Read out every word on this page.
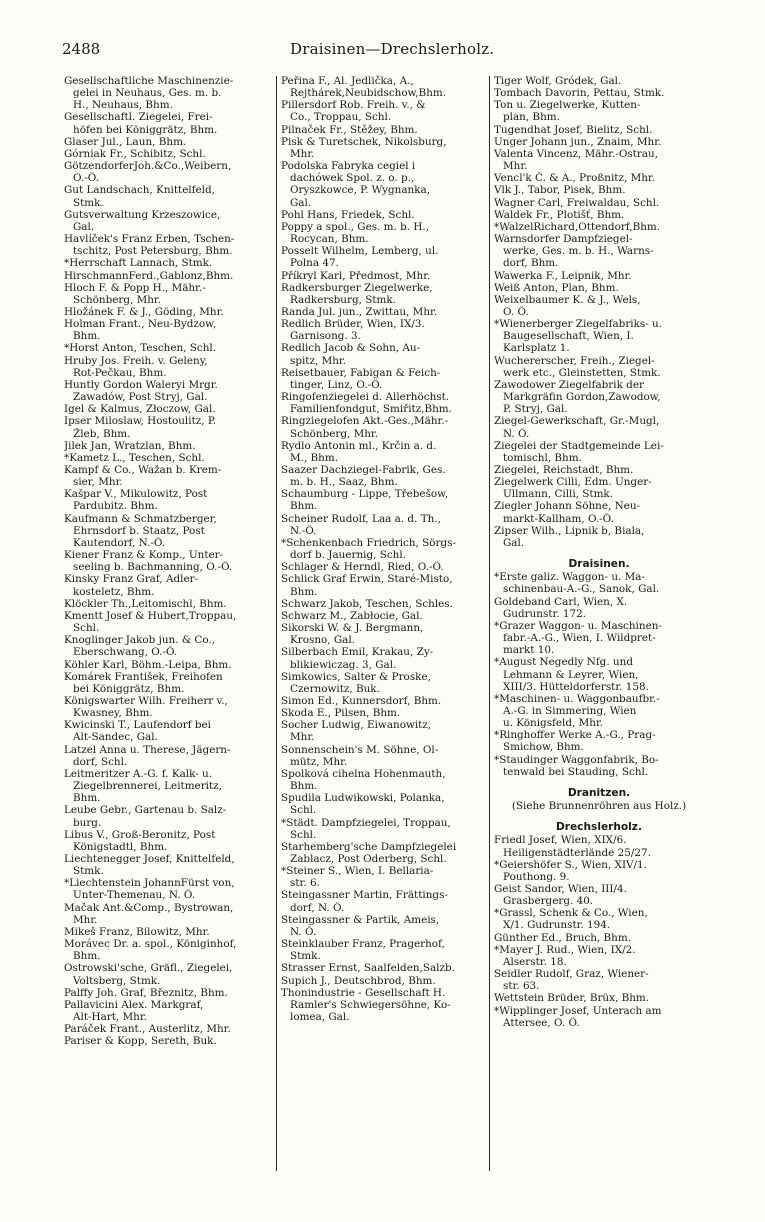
2488	Draisinen—Drechslerholz.
Gesellschaftliche Maschinenzie-
gelei in Neuhaus, Ges. m. b.
H., Neuhaus, Bhm.
Gesellschaftl. Ziegelei, Frei-
höfen bei Königgrätz, Bhm.
Glaser Jul., Laun, Bhm.
Górniak Fr., Schibitz, Schl.
GötzendorferJoh.&Co.,Weibern,
O.-Ö.
Gut Landschach, Knittelfeld,
Stmk.
Gutsverwaltung Krzeszowice,
Gal.
Havlíček's Franz Erben, Tschen-
tschitz, Post Petersburg, Bhm.
*Herrschaft Lannach, Stmk.
HirschmannFerd.,Gablonz,Bhm.
Hloch F. & Popp H., Mähr.-
Schönberg, Mhr.
Hložánek F. & J., Göding, Mhr.
Holman Frant., Neu-Bydzow,
Bhm.
*Horst Anton, Teschen, Schl.
Hruby Jos. Freih. v. Geleny,
Rot-Pečkau, Bhm.
Huntly Gordon Waleryi Mrgr.
Zawadów, Post Stryj, Gal.
Igel & Kalmus, Złoczow, Gal.
Ipser Miloslaw, Hostoulitz, P.
Žleb, Bhm.
Jilek Jan, Wratzlan, Bhm.
*Kametz L., Teschen, Schl.
Kampf & Co., Wažan b. Krem-
sier, Mhr.
Kašpar V., Mikulowitz, Post
Pardubitz. Bhm.
Kaufmann & Schmatzberger,
Ehrnsdorf b. Staatz, Post
Kautendorf, N.-Ö.
Kiener Franz & Komp., Unter-
seeling b. Bachmanning, O.-Ö.
Kinsky Franz Graf, Adler-
kosteletz, Bhm.
Klöckler Th.,Leitomischl, Bhm.
Kmentt Josef & Hubert,Troppau,
Schl.
Knoglinger Jakob jun. & Co.,
Eberschwang, O.-Ö.
Köhler Karl, Böhm.-Leipa, Bhm.
Komárek František, Freihofen
bei Königgrätz, Bhm.
Königswarter Wilh. Freiherr v.,
Kwasney, Bhm.
Kwicinski T., Laufendorf bei
Alt-Sandec, Gal.
Latzel Anna u. Therese, Jägern-
dorf, Schl.
Leitmeritzer A.-G. f. Kalk- u.
Ziegelbrennerei, Leitmeritz,
Bhm.
Leube Gebr., Gartenau b. Salz-
burg.
Libus V., Groß-Beronitz, Post
Königstadtl, Bhm.
Liechtenegger Josef, Knittelfeld,
Stmk.
*Liechtenstein JohannFürst von,
Unter-Themenau, N. Ö.
Mačak Ant.&Comp., Bystrowan,
Mhr.
Mikeš Franz, Bilowitz, Mhr.
Morávec Dr. a. spol., Königinhof,
Bhm.
Ostrowski'sche, Gräfl., Ziegelei,
Voltsberg, Stmk.
Palffy Joh. Graf, Březnitz, Bhm.
Pallavicini Alex. Markgraf,
Alt-Hart, Mhr.
Paráček Frant., Austerlitz, Mhr.
Pariser & Kopp, Sereth, Buk.
Peřina F., Al. Jedlička, A.,
Rejthárek,Neubidschow,Bhm.
Pillersdorf Rob. Freih. v., &
Co., Troppau, Schl.
Pilnaček Fr., Stěžey, Bhm.
Pisk & Turetschek, Nikolsburg,
Mhr.
Podolska Fabryka cegiel i
dachówek Spol. z. o. p.,
Oryszkowce, P. Wygnanka,
Gal.
Pohl Hans, Friedek, Schl.
Poppy a spol., Ges. m. b. H.,
Rocycan, Bhm.
Posselt Wilhelm, Lemberg, ul.
Polna 47.
Příkryl Karl, Předmost, Mhr.
Radkersburger Ziegelwerke,
Radkersburg, Stmk.
Randa Jul. jun., Zwittau, Mhr.
Redlich Brüder, Wien, IX/3.
Garnisong. 3.
Redlich Jacob & Sohn, Au-
spitz, Mhr.
Reisetbauer, Fabigan & Feich-
tinger, Linz, O.-Ö.
Ringofenziegelei d. Allerhöchst.
Familienfondgut, Smiřitz,Bhm.
Ringziegelofen Akt.-Ges.,Mähr.-
Schönberg, Mhr.
Rydlo Antonin ml., Krčin a. d.
M., Bhm.
Saazer Dachziegel-Fabrik, Ges.
m. b. H., Saaz, Bhm.
Schaumburg - Lippe, Třebešow,
Bhm.
Scheiner Rudolf, Laa a. d. Th.,
N.-Ö.
*Schenkenbach Friedrich, Sörgs-
dorf b. Jauernig, Schl.
Schlager & Herndl, Ried, O.-Ö.
Schlick Graf Erwin, Staré-Misto,
Bhm.
Schwarz Jakob, Teschen, Schles.
Schwarz M., Zabłocie, Gal.
Sikorski W. & J. Bergmann,
Krosno, Gal.
Silberbach Emil, Krakau, Zy-
blikiewiczag. 3, Gal.
Simkowics, Salter & Proske,
Czernowitz, Buk.
Simon Ed., Kunnersdorf, Bhm.
Skoda E., Pilsen, Bhm.
Socher Ludwig, Eiwanowitz,
Mhr.
Sonnenschein's M. Söhne, Ol-
mütz, Mhr.
Spolková cihelna Hohenmauth,
Bhm.
Spudila Ludwikowski, Polanka,
Schl.
*Städt. Dampfziegelei, Troppau,
Schl.
Starhemberg'sche Dampfziegelei
Zablacz, Post Oderberg, Schl.
*Steiner S., Wien, I. Bellaria-
str. 6.
Steingassner Martin, Frättings-
dorf, N. Ö.
Steingassner & Partik, Ameis,
N. Ö.
Steinklauber Franz, Pragerhof,
Stmk.
Strasser Ernst, Saalfelden,Salzb.
Supich J., Deutschbrod, Bhm.
Thonindustrie - Gesellschaft H.
Ramler's Schwiegersöhne, Ko-
lomea, Gal.
Tiger Wolf, Gródek, Gal.
Tombach Davorin, Pettau, Stmk.
Ton u. Ziegelwerke, Kutten-
plan, Bhm.
Tugendhat Josef, Bielitz, Schl.
Unger Johann jun., Znaim, Mhr.
Valenta Vincenz, Mähr.-Ostrau,
Mhr.
Vencl'k Č. & A., Proßnitz, Mhr.
Vlk J., Tabor, Pisek, Bhm.
Wagner Carl, Freiwaldau, Schl.
Waldek Fr., Plotišť, Bhm.
*WalzelRichard,Ottendorf,Bhm.
Warnsdorfer Dampfziegel-
werke, Ges. m. b. H., Warns-
dorf, Bhm.
Wawerka F., Leipnik, Mhr.
Weiß Anton, Plan, Bhm.
Weixelbaumer K. & J., Wels,
O. Ö.
*Wienerberger Ziegelfabriks- u.
Baugesellschaft, Wien, I.
Karlsplatz 1.
Wuchererscher, Freih., Ziegel-
werk etc., Gleinstetten, Stmk.
Zawodower Ziegelfabrik der
Markgräfin Gordon,Zawodow,
P. Stryj, Gal.
Ziegel-Gewerkschaft, Gr.-Mugl,
N. Ö.
Ziegelei der Stadtgemeinde Lei-
tomischl, Bhm.
Ziegelei, Reichstadt, Bhm.
Ziegelwerk Cilli, Edm. Unger-
Ullmann, Cilli, Stmk.
Ziegler Johann Söhne, Neu-
markt-Kallham, O.-Ö.
Zipser Wilh., Lipnik b, Biala,
Gal.
Draisinen.
*Erste galiz. Waggon- u. Ma-
schinenbau-A.-G., Sanok, Gal.
Goldeband Carl, Wien, X.
Gudrunstr. 172.
*Grazer Waggon- u. Maschinen-
fabr.-A.-G., Wien, I. Wildpret-
markt 10.
*August Negedly Nfg. und
Lehmann & Leyrer, Wien,
XIII/3. Hütteldorferstr. 158.
*Maschinen- u. Waggonbaufbr.-
A.-G. in Simmering, Wien
u. Königsfeld, Mhr.
*Ringhoffer Werke A.-G., Prag-
Smichow, Bhm.
*Staudinger Waggonfabrik, Bo-
tenwald bei Stauding, Schl.
Dranitzen.
(Siehe Brunnenröhren aus Holz.)
Drechslerholz.
Friedl Josef, Wien, XIX/6.
Heiligenstädterlände 25/27.
*Geiershöfer S., Wien, XIV/1.
Pouthong. 9.
Geist Sandor, Wien, III/4.
Grasbergerg. 40.
*Grassl, Schenk & Co., Wien,
X/1. Gudrunstr. 194.
Günther Ed., Bruch, Bhm.
*Mayer J. Rud., Wien, IX/2.
Alserstr. 18.
Seidler Rudolf, Graz, Wiener-
str. 63.
Wettstein Brüder, Brüx, Bhm.
*Wipplinger Josef, Unterach am
Attersee, O. Ö.
